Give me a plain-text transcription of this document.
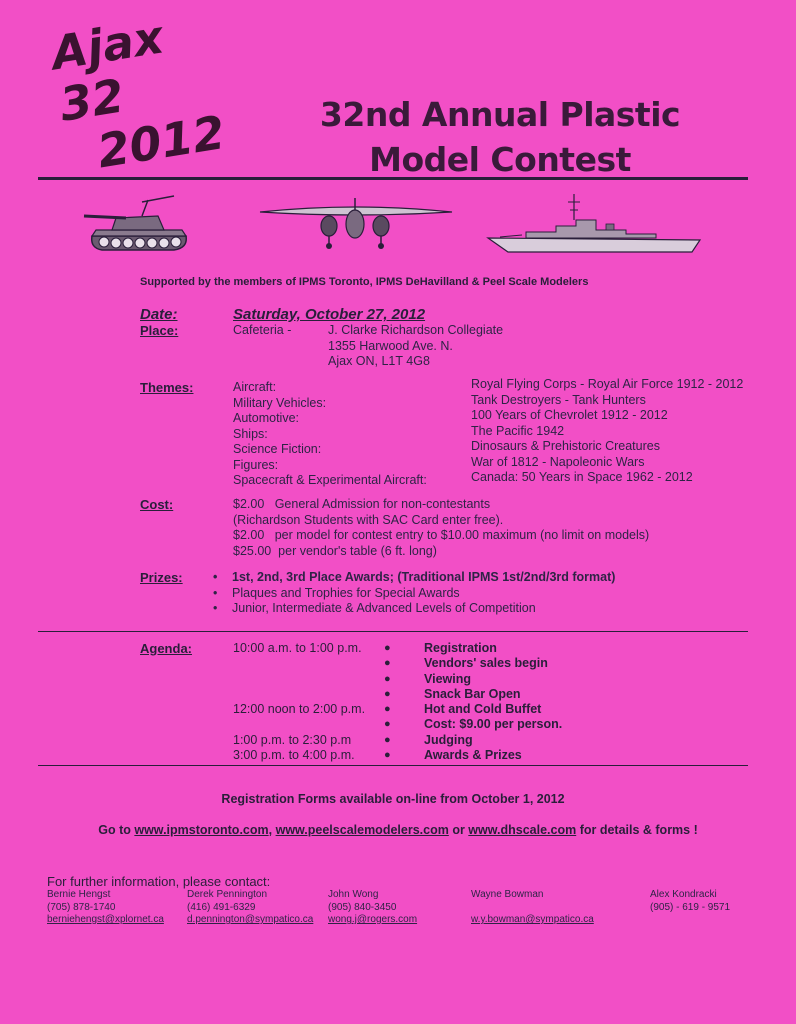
Ajax 32
2012	32nd Annual Plastic
Model Contest
Supported by the members of IPMS Toronto, IPMS DeHavilland & Peel Scale Modelers
Date:	Saturday, October 27, 2012
Place:	Cafeteria -	J. Clarke Richardson Collegiate
1355 Harwood Ave. N.
Ajax ON, L1T 4G8
Themes:	Aircraft:
Military Vehicles:
Automotive:
Ships:
Science Fiction:
Figures:
Spacecraft & Experimental Aircraft:
Royal Flying Corps - Royal Air Force 1912 - 2012
Tank Destroyers - Tank Hunters
100 Years of Chevrolet 1912 - 2012
The Pacific 1942
Dinosaurs & Prehistoric Creatures
War of 1812 - Napoleonic Wars
Canada: 50 Years in Space 1962 - 2012
Cost:	$2.00   General Admission for non-contestants
(Richardson Students with SAC Card enter free).
$2.00   per model for contest entry to $10.00 maximum (no limit on models)
$25.00  per vendor's table (6 ft. long)
Prizes:
•	1st, 2nd, 3rd Place Awards; (Traditional IPMS 1st/2nd/3rd format)
• Plaques and Trophies for Special Awards
• Junior, Intermediate & Advanced Levels of Competition
Agenda:	10:00 a.m. to 1:00 p.m.
12:00 noon to 2:00 p.m.
1:00 p.m. to 2:30 p.m
3:00 p.m. to 4:00 p.m.
●
●
●
●
●
●
●
●
Registration
Vendors' sales begin
Viewing
Snack Bar Open
Hot and Cold Buffet
Cost: $9.00 per person.
Judging
Awards & Prizes
Registration Forms available on-line from October 1, 2012
Go to www.ipmstoronto.com, www.peelscalemodelers.com or www.dhscale.com for details & forms !
For further information, please contact:
Bernie Hengst
(705) 878-1740
berniehengst@xplornet.ca
Derek Pennington
(416) 491-6329
d.pennington@sympatico.ca
John Wong
(905) 840-3450
wong.j@rogers.com
Wayne Bowman
w.y.bowman@sympatico.ca
Alex Kondracki
(905) - 619 - 9571
